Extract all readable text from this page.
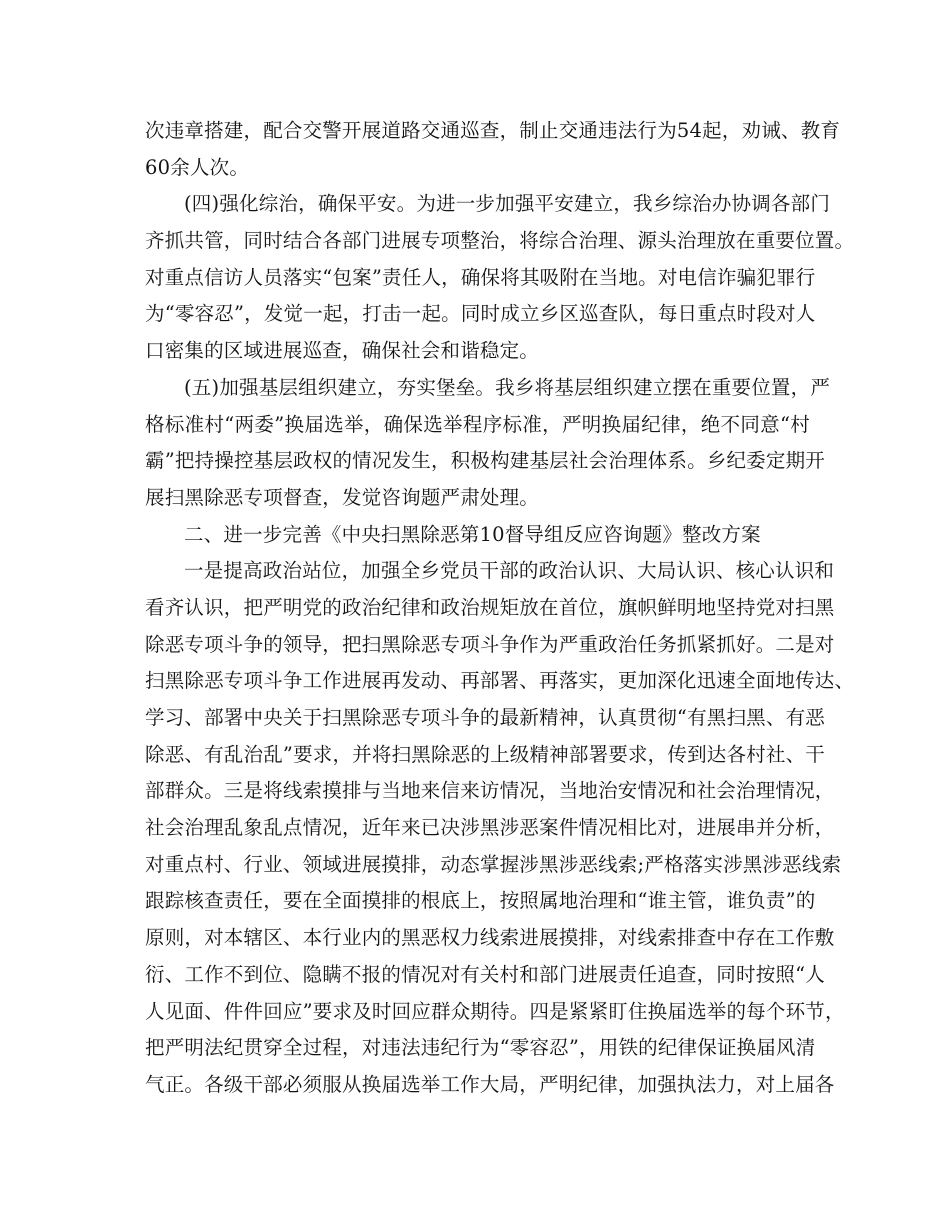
次违章搭建，配合交警开展道路交通巡查，制止交通违法行为54起，劝诫、教育
60余人次。
(四)强化综治，确保平安。为进一步加强平安建立，我乡综治办协调各部门
齐抓共管，同时结合各部门进展专项整治，将综合治理、源头治理放在重要位置。
对重点信访人员落实“包案”责任人，确保将其吸附在当地。对电信诈骗犯罪行
为“零容忍”，发觉一起，打击一起。同时成立乡区巡查队，每日重点时段对人
口密集的区域进展巡查，确保社会和谐稳定。
(五)加强基层组织建立，夯实堡垒。我乡将基层组织建立摆在重要位置，严
格标准村“两委”换届选举，确保选举程序标准，严明换届纪律，绝不同意“村
霸”把持操控基层政权的情况发生，积极构建基层社会治理体系。乡纪委定期开
展扫黑除恶专项督查，发觉咨询题严肃处理。
二、进一步完善《中央扫黑除恶第10督导组反应咨询题》整改方案
一是提高政治站位，加强全乡党员干部的政治认识、大局认识、核心认识和
看齐认识，把严明党的政治纪律和政治规矩放在首位，旗帜鲜明地坚持党对扫黑
除恶专项斗争的领导，把扫黑除恶专项斗争作为严重政治任务抓紧抓好。二是对
扫黑除恶专项斗争工作进展再发动、再部署、再落实，更加深化迅速全面地传达、
学习、部署中央关于扫黑除恶专项斗争的最新精神，认真贯彻“有黑扫黑、有恶
除恶、有乱治乱”要求，并将扫黑除恶的上级精神部署要求，传到达各村社、干
部群众。三是将线索摸排与当地来信来访情况，当地治安情况和社会治理情况，
社会治理乱象乱点情况，近年来已决涉黑涉恶案件情况相比对，进展串并分析，
对重点村、行业、领域进展摸排，动态掌握涉黑涉恶线索;严格落实涉黑涉恶线索
跟踪核查责任，要在全面摸排的根底上，按照属地治理和“谁主管，谁负责”的
原则，对本辖区、本行业内的黑恶权力线索进展摸排，对线索排查中存在工作敷
衍、工作不到位、隐瞒不报的情况对有关村和部门进展责任追查，同时按照“人
人见面、件件回应”要求及时回应群众期待。四是紧紧盯住换届选举的每个环节，
把严明法纪贯穿全过程，对违法违纪行为“零容忍”，用铁的纪律保证换届风清
气正。各级干部必须服从换届选举工作大局，严明纪律，加强执法力，对上届各
